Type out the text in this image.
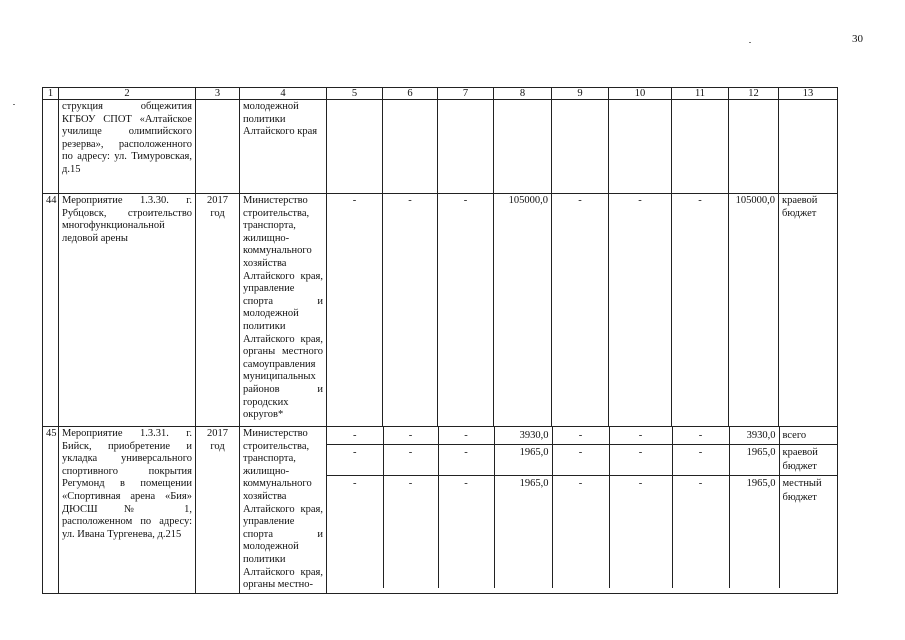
30
1	2	3	4	5	6	7	8	9	10	11	12	13
	струкция общежития КГБОУ СПОТ «Алтайское училище олимпийского резерва», расположенного по адресу: ул. Тимуровская, д.15		молодежной политики Алтайского края									
44	Мероприятие 1.3.30. г. Рубцовск, строительство многофункциональной ледовой арены	2017 год	Министерство строительства, транспорта, жилищно-коммунального хозяйства Алтайского края, управление спорта и молодежной политики Алтайского края, органы местного самоуправления муниципальных районов и городских округов*	-	-	-	105000,0	-	-	-	105000,0	краевой бюджет
45	Мероприятие 1.3.31. г. Бийск, приобретение и укладка универсального спортивного покрытия Регумонд в помещении «Спортивная арена «Бия» ДЮСШ № 1, расположенном по адресу: ул. Ивана Тургенева, д.215	2017 год	Министерство строительства, транспорта, жилищно-коммунального хозяйства Алтайского края, управление спорта и молодежной политики Алтайского края, органы местно-	
-	-	-	3930,0	-	-	-	3930,0	всего
-	-	-	1965,0	-	-	-	1965,0	краевой бюджет
-	-	-	1965,0	-	-	-	1965,0	местный бюджет
